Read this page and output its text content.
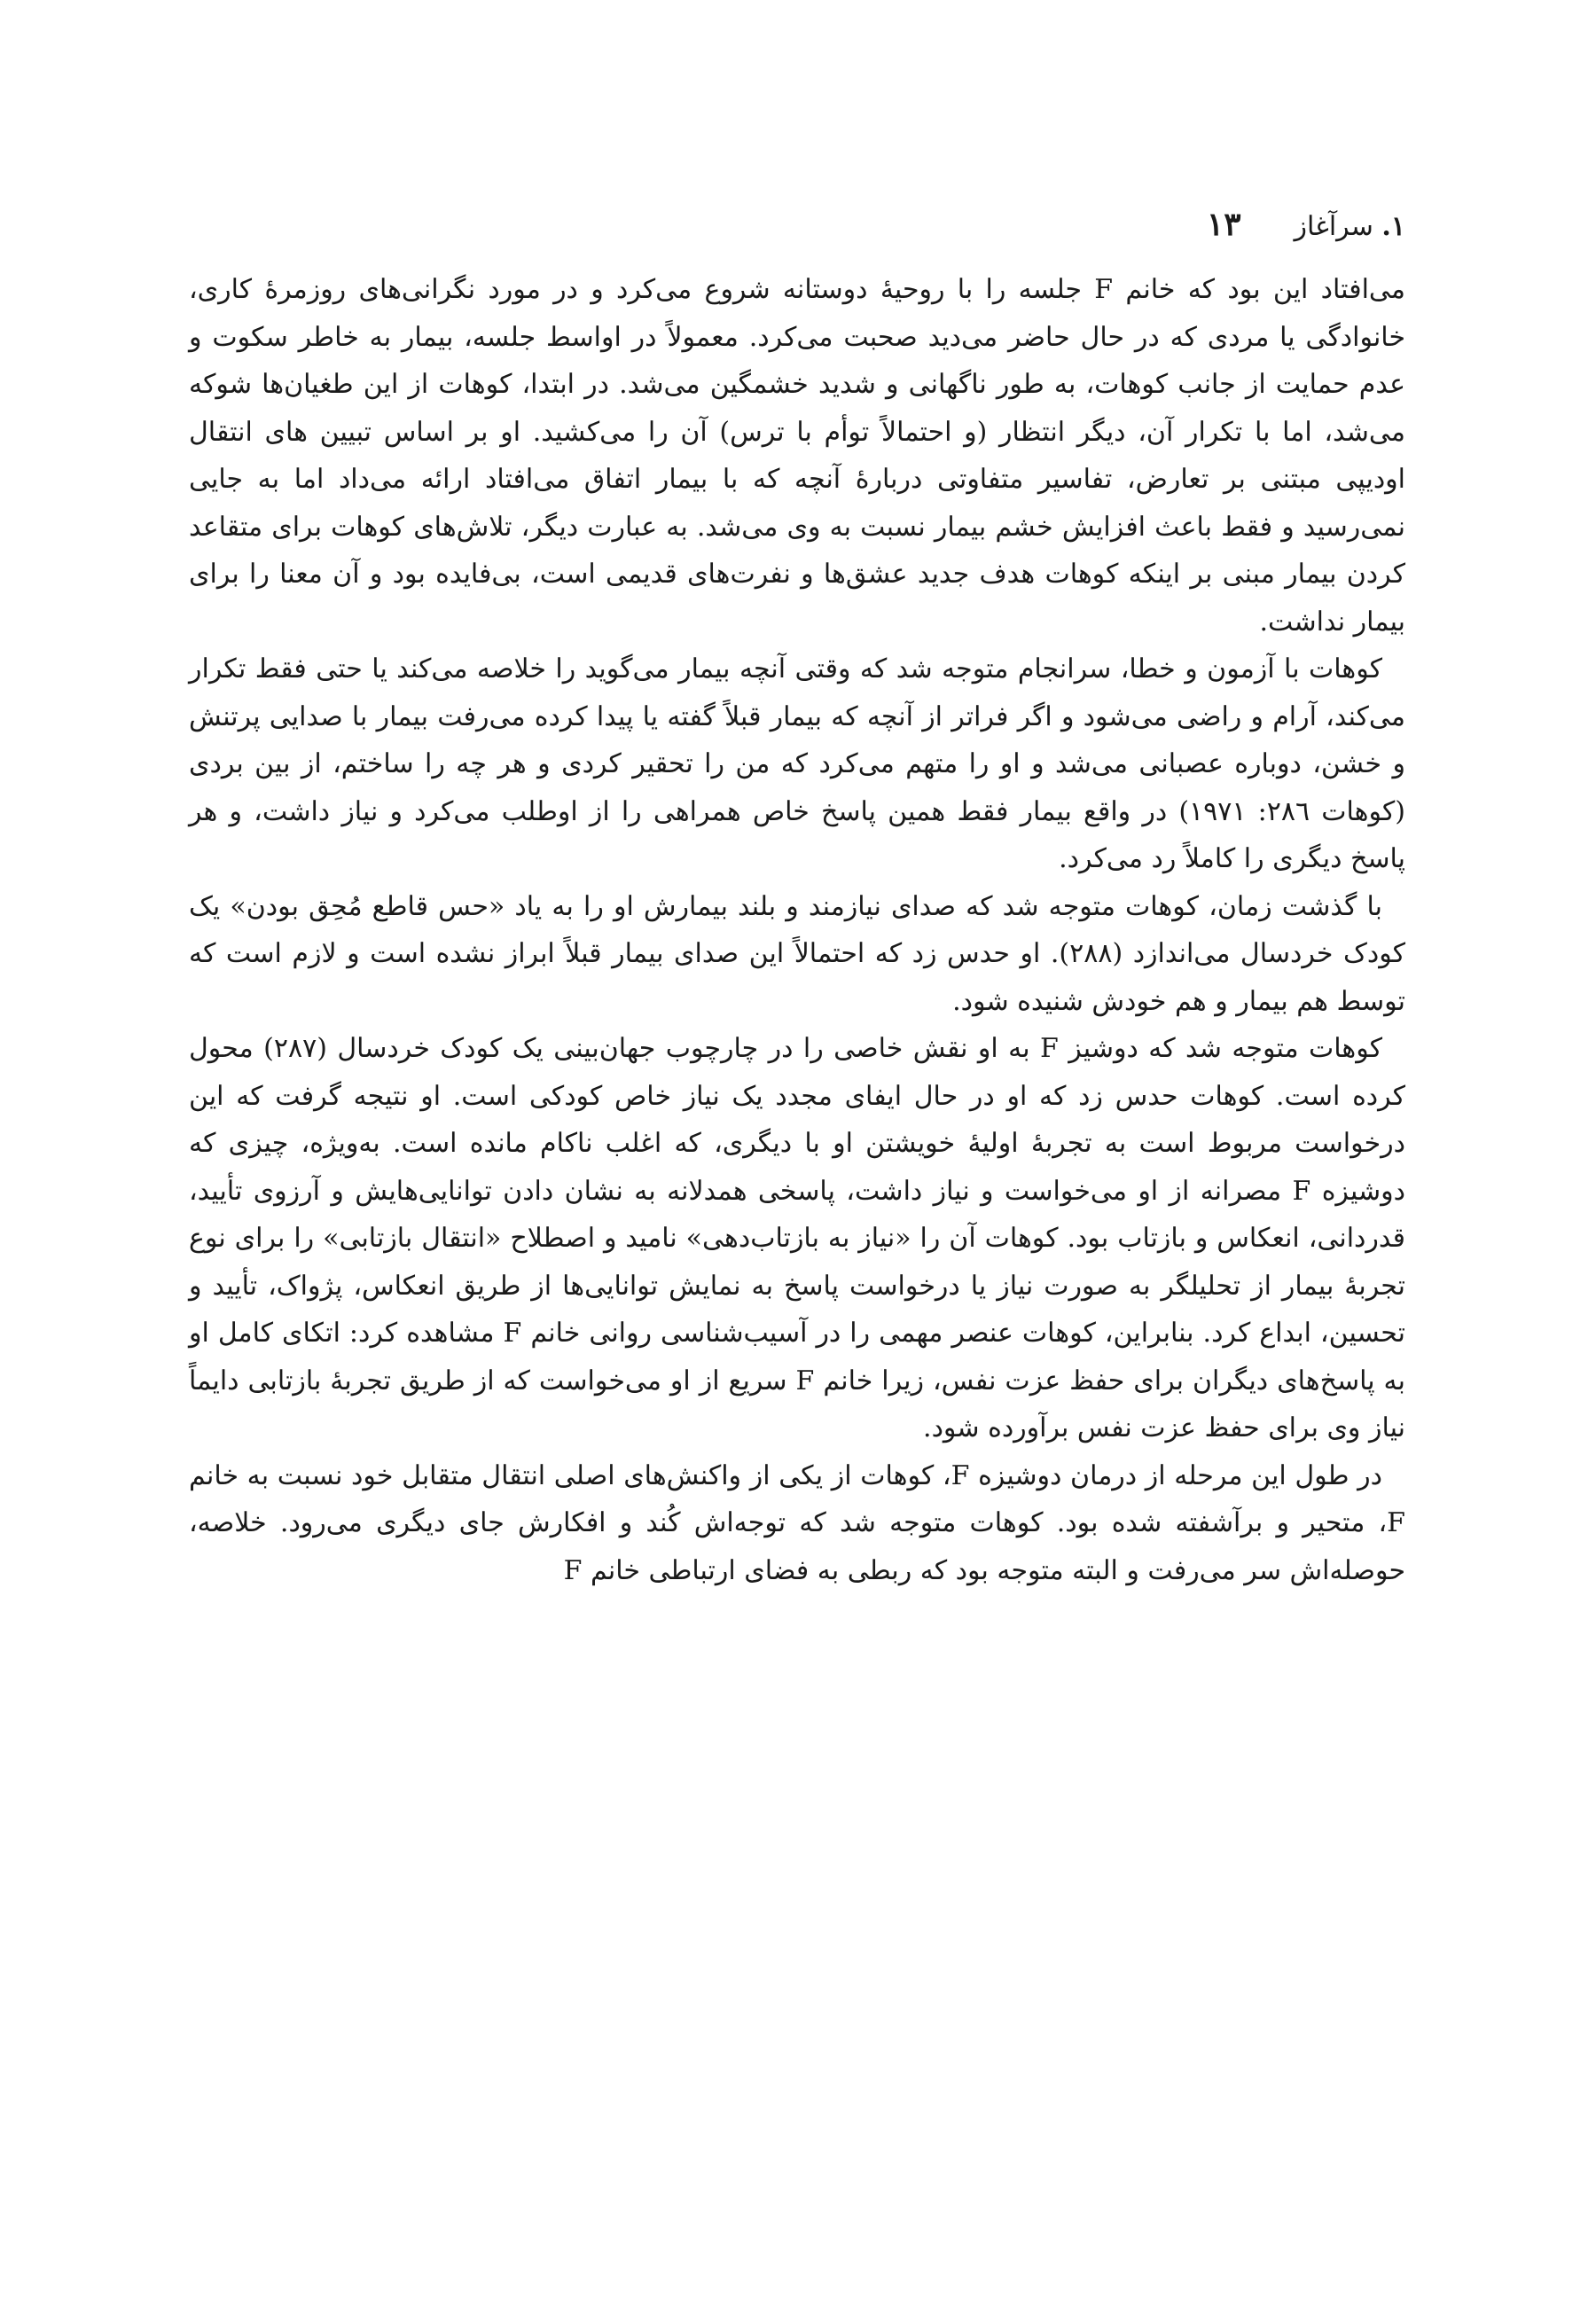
۱. سرآغاز
۱۳

می‌افتاد این بود که خانم F جلسه را با روحیهٔ دوستانه شروع می‌کرد و در مورد نگرانی‌های روزمرهٔ کاری، خانوادگی یا مردی که در حال حاضر می‌دید صحبت می‌کرد. معمولاً در اواسط جلسه، بیمار به خاطر سکوت و عدم حمایت از جانب کوهات، به طور ناگهانی و شدید خشمگین می‌شد. در ابتدا، کوهات از این طغیان‌ها شوکه می‌شد، اما با تکرار آن، دیگر انتظار (و احتمالاً توأم با ترس) آن را می‌کشید. او بر اساس تبیین های انتقال اودیپی مبتنی بر تعارض، تفاسیر متفاوتی دربارهٔ آنچه که با بیمار اتفاق می‌افتاد ارائه می‌داد اما به جایی نمی‌رسید و فقط باعث افزایش خشم بیمار نسبت به وی می‌شد. به عبارت دیگر، تلاش‌های کوهات برای متقاعد کردن بیمار مبنی بر اینکه کوهات هدف جدید عشق‌ها و نفرت‌های قدیمی است، بی‌فایده بود و آن معنا را برای بیمار نداشت.

کوهات با آزمون و خطا، سرانجام متوجه شد که وقتی آنچه بیمار می‌گوید را خلاصه می‌کند یا حتی فقط تکرار می‌کند، آرام و راضی می‌شود و اگر فراتر از آنچه که بیمار قبلاً گفته یا پیدا کرده می‌رفت بیمار با صدایی پرتنش و خشن، دوباره عصبانی می‌شد و او را متهم می‌کرد که من را تحقیر کردی و هر چه را ساختم، از بین بردی (کوهات ۲۸٦: ۱۹۷۱) در واقع بیمار فقط همین پاسخ خاص همراهی را از اوطلب می‌کرد و نیاز داشت، و هر پاسخ دیگری را کاملاً رد می‌کرد.

با گذشت زمان، کوهات متوجه شد که صدای نیازمند و بلند بیمارش او را به یاد «حس قاطع مُحِق بودن» یک کودک خردسال می‌اندازد (۲۸۸). او حدس زد که احتمالاً این صدای بیمار قبلاً ابراز نشده است و لازم است که توسط هم بیمار و هم خودش شنیده شود.

کوهات متوجه شد که دوشیز F به او نقش خاصی را در چارچوب جهان‌بینی یک کودک خردسال (۲۸۷) محول کرده است. کوهات حدس زد که او در حال ایفای مجدد یک نیاز خاص کودکی است. او نتیجه گرفت که این درخواست مربوط است به تجربهٔ اولیهٔ خویشتن او با دیگری، که اغلب ناکام مانده است. به‌ویژه، چیزی که دوشیزه F مصرانه از او می‌خواست و نیاز داشت، پاسخی همدلانه به نشان دادن توانایی‌هایش و آرزوی تأیید، قدردانی، انعکاس و بازتاب بود. کوهات آن را «نیاز به بازتاب‌دهی» نامید و اصطلاح «انتقال بازتابی» را برای نوع تجربهٔ بیمار از تحلیلگر به صورت نیاز یا درخواست پاسخ به نمایش توانایی‌ها از طریق انعکاس، پژواک، تأیید و تحسین، ابداع کرد. بنابراین، کوهات عنصر مهمی را در آسیب‌شناسی روانی خانم F مشاهده کرد: اتکای کامل او به پاسخ‌های دیگران برای حفظ عزت نفس، زیرا خانم F سریع از او می‌خواست که از طریق تجربهٔ بازتابی دایماً نیاز وی برای حفظ عزت نفس برآورده شود.

در طول این مرحله از درمان دوشیزه F، کوهات از یکی از واکنش‌های اصلی انتقال متقابل خود نسبت به خانم F، متحیر و برآشفته شده بود. کوهات متوجه شد که توجه‌اش کُند و افکارش جای دیگری می‌رود. خلاصه، حوصله‌اش سر می‌رفت و البته متوجه بود که ربطی به فضای ارتباطی خانم F
